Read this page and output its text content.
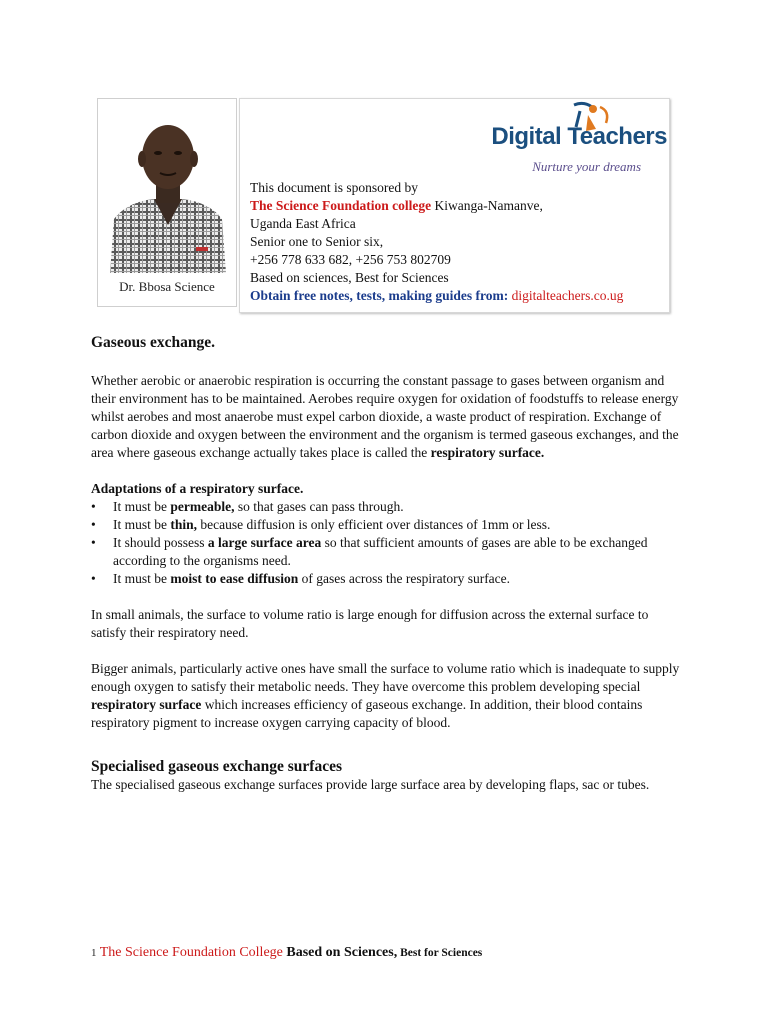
Dr. Bbosa Science
Digital Teachers
Nurture your dreams
This document is sponsored by
The Science Foundation college Kiwanga-Namanve,
Uganda East Africa
Senior one to Senior six,
+256 778 633 682, +256 753 802709
Based on sciences, Best for Sciences
Obtain free notes, tests, making guides from: digitalteachers.co.ug
Gaseous exchange.

Whether aerobic or anaerobic respiration is occurring the constant passage to gases between organism and their environment has to be maintained. Aerobes require oxygen for oxidation of foodstuffs to release energy whilst aerobes and most anaerobe must expel carbon dioxide, a waste product of respiration. Exchange of carbon dioxide and oxygen between the environment and the organism is termed gaseous exchanges, and the area where gaseous exchange actually takes place is called the respiratory surface.

Adaptations of a respiratory surface.

• It must be permeable, so that gases can pass through.
• It must be thin, because diffusion is only efficient over distances of 1mm or less.
• It should possess a large surface area so that sufficient amounts of gases are able to be exchanged according to the organisms need.
• It must be moist to ease diffusion of gases across the respiratory surface.

In small animals, the surface to volume ratio is large enough for diffusion across the external surface to satisfy their respiratory need.

Bigger animals, particularly active ones have small the surface to volume ratio which is inadequate to supply enough oxygen to satisfy their metabolic needs. They have overcome this problem developing special respiratory surface which increases efficiency of gaseous exchange. In addition, their blood contains respiratory pigment to increase oxygen carrying capacity of blood.

Specialised gaseous exchange surfaces

The specialised gaseous exchange surfaces provide large surface area by developing flaps, sac or tubes.

1 The Science Foundation College Based on Sciences, Best for Sciences
